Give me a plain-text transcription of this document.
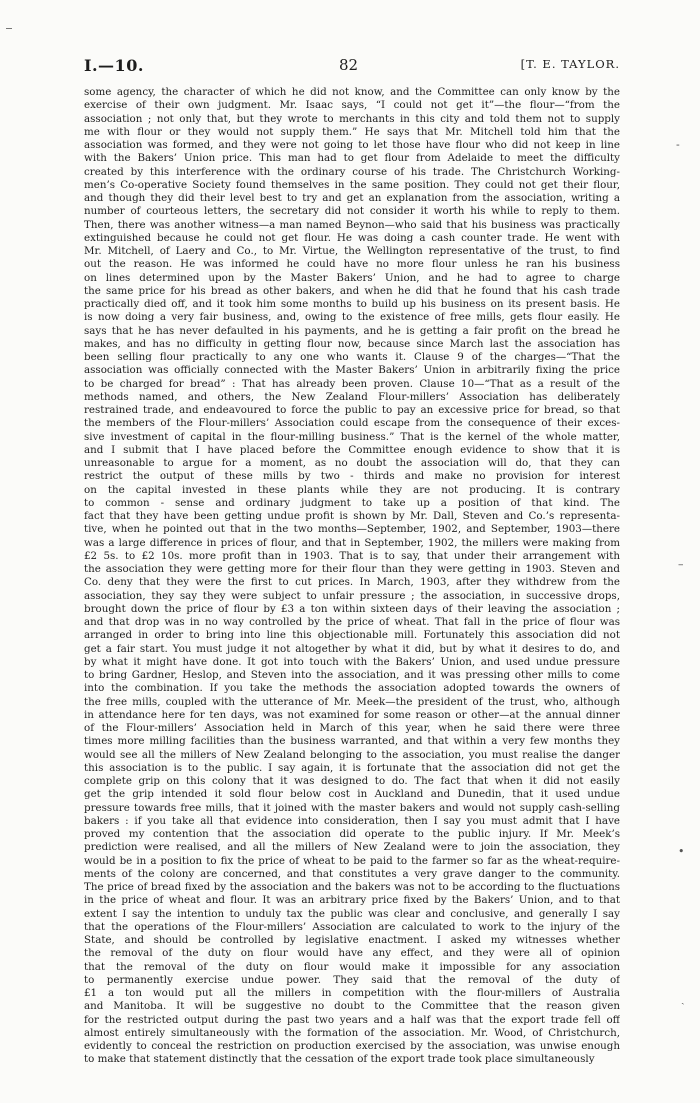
I.—10.	82	[T. E. TAYLOR.
some agency, the character of which he did not know, and the Committee can only know by the
exercise of their own judgment. Mr. Isaac says, “I could not get it”—the flour—“from the
association ; not only that, but they wrote to merchants in this city and told them not to supply
me with flour or they would not supply them.” He says that Mr. Mitchell told him that the
association was formed, and they were not going to let those have flour who did not keep in line
with the Bakers’ Union price. This man had to get flour from Adelaide to meet the difficulty
created by this interference with the ordinary course of his trade. The Christchurch Working-
men’s Co-operative Society found themselves in the same position. They could not get their flour,
and though they did their level best to try and get an explanation from the association, writing a
number of courteous letters, the secretary did not consider it worth his while to reply to them.
Then, there was another witness—a man named Beynon—who said that his business was practically
extinguished because he could not get flour. He was doing a cash counter trade. He went with
Mr. Mitchell, of Laery and Co., to Mr. Virtue, the Wellington representative of the trust, to find
out the reason. He was informed he could have no more flour unless he ran his business
on lines determined upon by the Master Bakers’ Union, and he had to agree to charge
the same price for his bread as other bakers, and when he did that he found that his cash trade
practically died off, and it took him some months to build up his business on its present basis. He
is now doing a very fair business, and, owing to the existence of free mills, gets flour easily. He
says that he has never defaulted in his payments, and he is getting a fair profit on the bread he
makes, and has no difficulty in getting flour now, because since March last the association has
been selling flour practically to any one who wants it. Clause 9 of the charges—“That the
association was officially connected with the Master Bakers’ Union in arbitrarily fixing the price
to be charged for bread” : That has already been proven. Clause 10—“That as a result of the
methods named, and others, the New Zealand Flour-millers’ Association has deliberately
restrained trade, and endeavoured to force the public to pay an excessive price for bread, so that
the members of the Flour-millers’ Association could escape from the consequence of their exces-
sive investment of capital in the flour-milling business.” That is the kernel of the whole matter,
and I submit that I have placed before the Committee enough evidence to show that it is
unreasonable to argue for a moment, as no doubt the association will do, that they can
restrict the output of these mills by two - thirds and make no provision for interest
on the capital invested in these plants while they are not producing. It is contrary
to common - sense and ordinary judgment to take up a position of that kind. The
fact that they have been getting undue profit is shown by Mr. Dall, Steven and Co.’s representa-
tive, when he pointed out that in the two months—September, 1902, and September, 1903—there
was a large difference in prices of flour, and that in September, 1902, the millers were making from
£2 5s. to £2 10s. more profit than in 1903. That is to say, that under their arrangement with
the association they were getting more for their flour than they were getting in 1903. Steven and
Co. deny that they were the first to cut prices. In March, 1903, after they withdrew from the
association, they say they were subject to unfair pressure ; the association, in successive drops,
brought down the price of flour by £3 a ton within sixteen days of their leaving the association ;
and that drop was in no way controlled by the price of wheat. That fall in the price of flour was
arranged in order to bring into line this objectionable mill. Fortunately this association did not
get a fair start. You must judge it not altogether by what it did, but by what it desires to do, and
by what it might have done. It got into touch with the Bakers’ Union, and used undue pressure
to bring Gardner, Heslop, and Steven into the association, and it was pressing other mills to come
into the combination. If you take the methods the association adopted towards the owners of
the free mills, coupled with the utterance of Mr. Meek—the president of the trust, who, although
in attendance here for ten days, was not examined for some reason or other—at the annual dinner
of the Flour-millers’ Association held in March of this year, when he said there were three
times more milling facilities than the business warranted, and that within a very few months they
would see all the millers of New Zealand belonging to the association, you must realise the danger
this association is to the public. I say again, it is fortunate that the association did not get the
complete grip on this colony that it was designed to do. The fact that when it did not easily
get the grip intended it sold flour below cost in Auckland and Dunedin, that it used undue
pressure towards free mills, that it joined with the master bakers and would not supply cash-selling
bakers : if you take all that evidence into consideration, then I say you must admit that I have
proved my contention that the association did operate to the public injury. If Mr. Meek’s
prediction were realised, and all the millers of New Zealand were to join the association, they
would be in a position to fix the price of wheat to be paid to the farmer so far as the wheat-require-
ments of the colony are concerned, and that constitutes a very grave danger to the community.
The price of bread fixed by the association and the bakers was not to be according to the fluctuations
in the price of wheat and flour. It was an arbitrary price fixed by the Bakers’ Union, and to that
extent I say the intention to unduly tax the public was clear and conclusive, and generally I say
that the operations of the Flour-millers’ Association are calculated to work to the injury of the
State, and should be controlled by legislative enactment. I asked my witnesses whether
the removal of the duty on flour would have any effect, and they were all of opinion
that the removal of the duty on flour would make it impossible for any association
to permanently exercise undue power. They said that the removal of the duty of
£1 a ton would put all the millers in competition with the flour-millers of Australia
and Manitoba. It will be suggestive no doubt to the Committee that the reason given
for the restricted output during the past two years and a half was that the export trade fell off
almost entirely simultaneously with the formation of the association. Mr. Wood, of Christchurch,
evidently to conceal the restriction on production exercised by the association, was unwise enough
to make that statement distinctly that the cessation of the export trade took place simultaneously
‐
–
•
ˏ
